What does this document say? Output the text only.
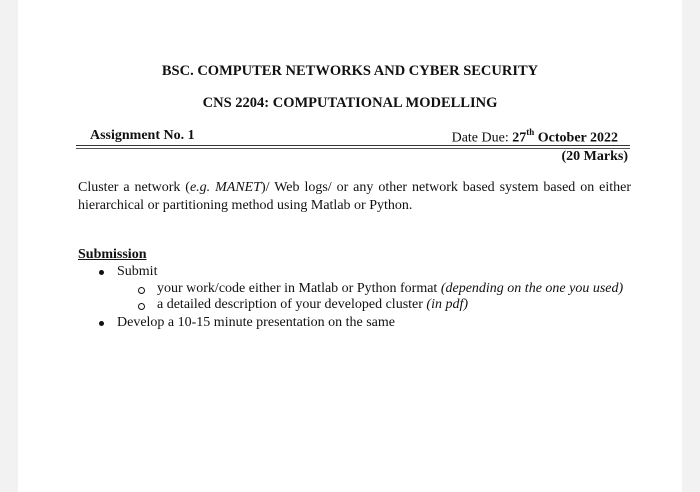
BSC. COMPUTER NETWORKS AND CYBER SECURITY
CNS 2204: COMPUTATIONAL MODELLING
Assignment No. 1	Date Due: 27th October 2022
(20 Marks)
Cluster a network (e.g. MANET)/ Web logs/ or any other network based system based on either hierarchical or partitioning method using Matlab or Python.
Submission
Submit
your work/code either in Matlab or Python format (depending on the one you used)
a detailed description of your developed cluster (in pdf)
Develop a 10-15 minute presentation on the same
